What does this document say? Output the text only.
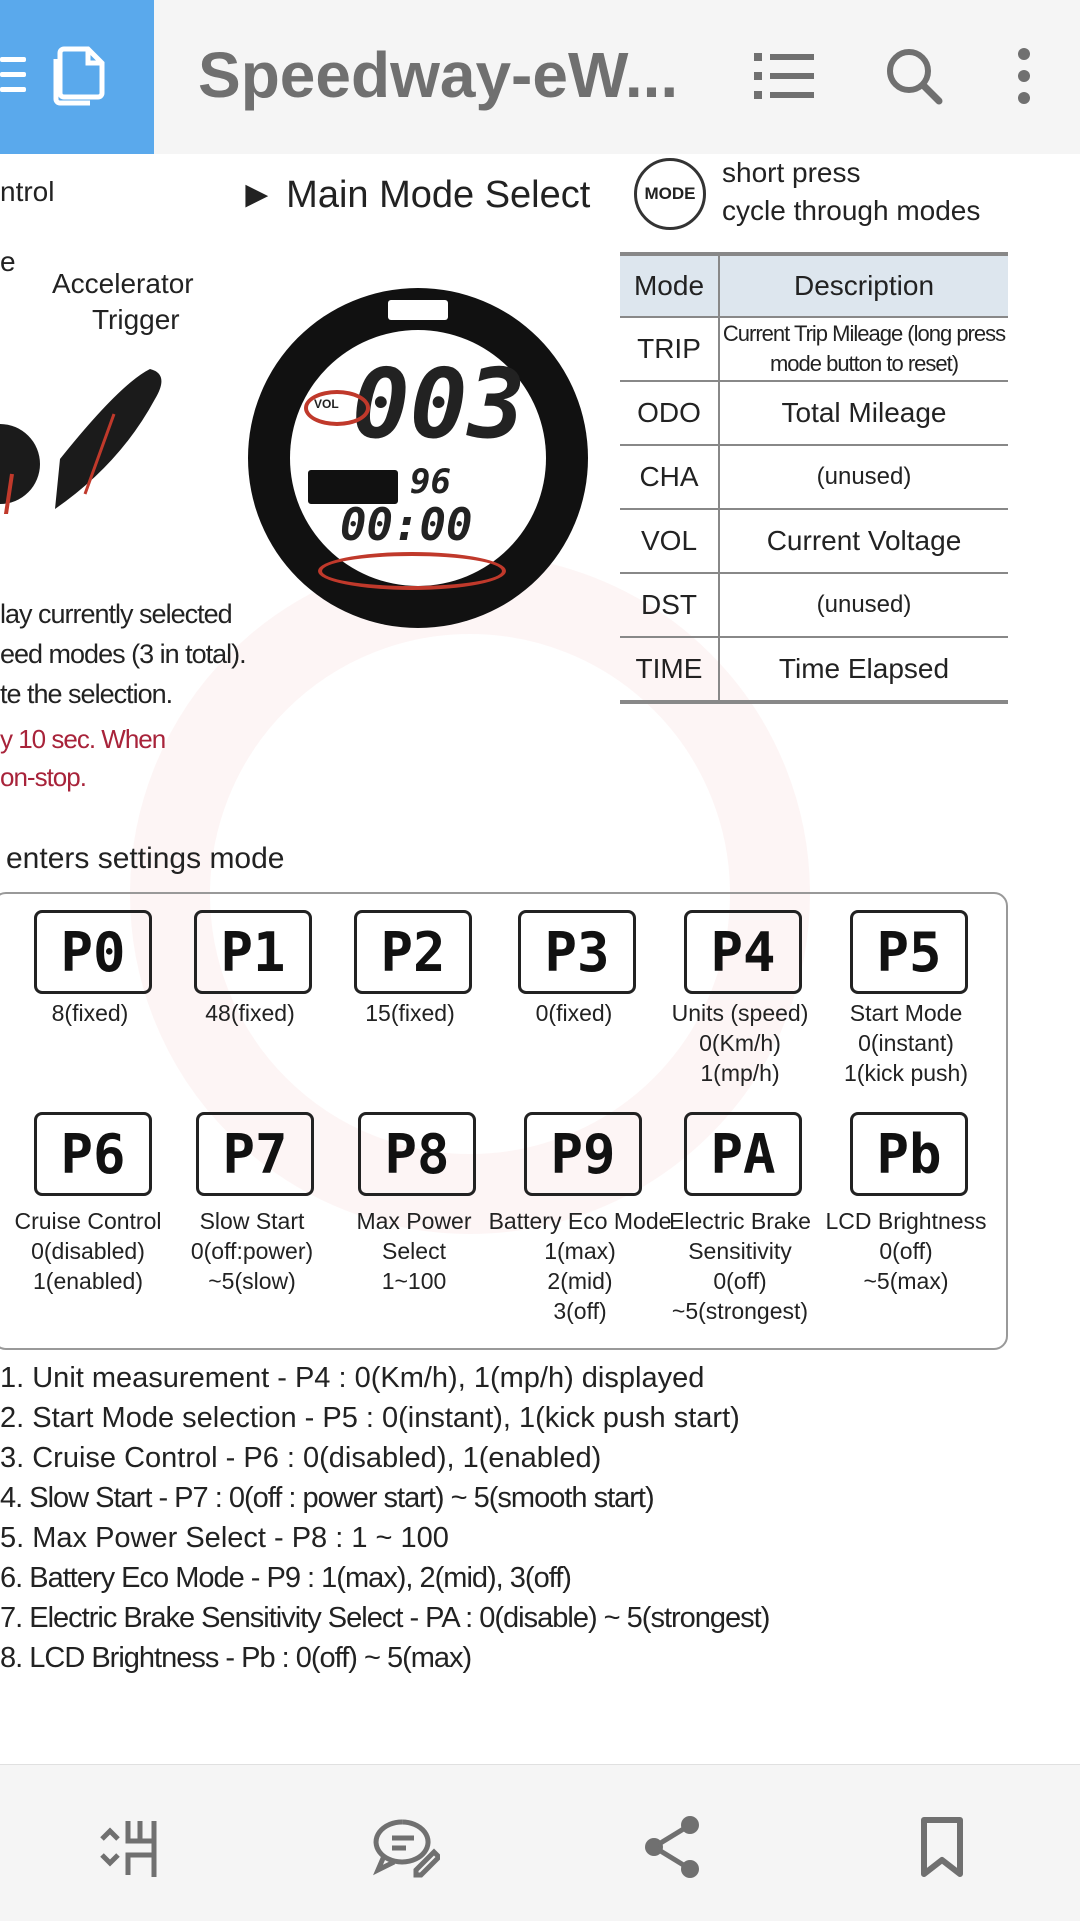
Speedway-eW...
ntrol
e
Accelerator
Trigger
► Main Mode Select
003
VOL
96
00:00
MODE
short press
cycle through modes
Mode	Description
TRIP	Current Trip Mileage (long press mode button to reset)
ODO	Total Mileage
CHA	(unused)
VOL	Current Voltage
DST	(unused)
TIME	Time Elapsed
lay currently selected
eed modes (3 in total).
te the selection.
y 10 sec. When
on-stop.
enters settings mode
P0
8(fixed)
P1
48(fixed)
P2
15(fixed)
P3
0(fixed)
P4
Units (speed)
0(Km/h)
1(mp/h)
P5
Start Mode
0(instant)
1(kick push)
P6
Cruise Control
0(disabled)
1(enabled)
P7
Slow Start
0(off:power)
~5(slow)
P8
Max Power
Select
1~100
P9
Battery Eco Mode
1(max)
2(mid)
3(off)
PA
Electric Brake
Sensitivity
0(off)
~5(strongest)
Pb
LCD Brightness
0(off)
~5(max)
1. Unit measurement - P4 : 0(Km/h), 1(mp/h) displayed
2. Start Mode selection - P5 : 0(instant), 1(kick push start)
3. Cruise Control - P6 : 0(disabled), 1(enabled)
4. Slow Start - P7 : 0(off : power start) ~ 5(smooth start)
5. Max Power Select - P8 : 1 ~ 100
6. Battery Eco Mode - P9 : 1(max), 2(mid), 3(off)
7. Electric Brake Sensitivity Select - PA : 0(disable) ~ 5(strongest)
8. LCD Brightness - Pb : 0(off) ~ 5(max)
